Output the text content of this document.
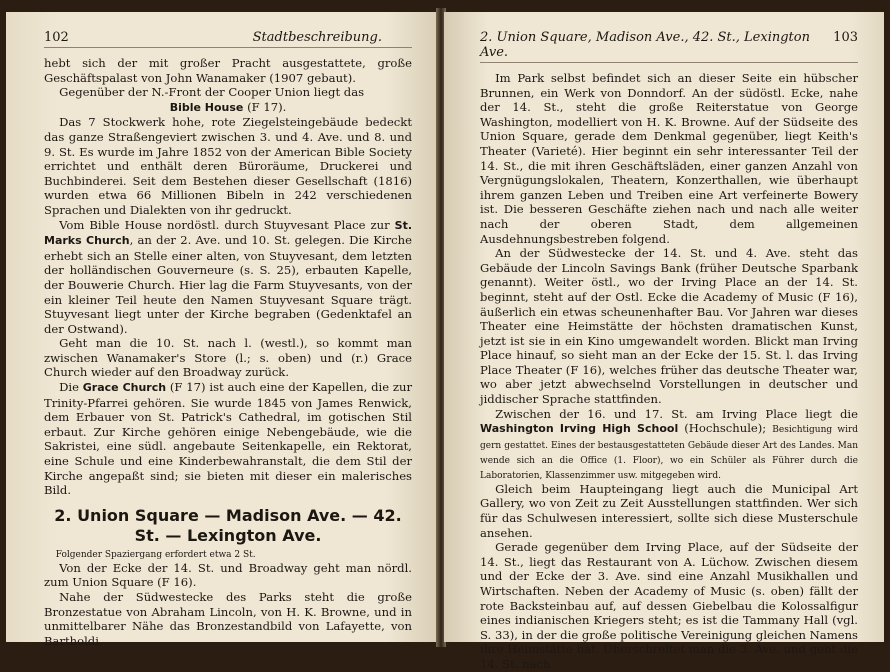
102	Stadtbeschreibung.

hebt sich der mit großer Pracht ausgestattete, große Geschäftspalast von John Wanamaker (1907 gebaut).

Gegenüber der N.-Front der Cooper Union liegt das

Bible House (F 17).

Das 7 Stockwerk hohe, rote Ziegelsteingebäude bedeckt das ganze Straßengeviert zwischen 3. und 4. Ave. und 8. und 9. St. Es wurde im Jahre 1852 von der American Bible Society errichtet und enthält deren Büroräume, Druckerei und Buchbinderei. Seit dem Bestehen dieser Gesellschaft (1816) wurden etwa 66 Millionen Bibeln in 242 verschiedenen Sprachen und Dialekten von ihr gedruckt.

Vom Bible House nordöstl. durch Stuyvesant Place zur St. Marks Church, an der 2. Ave. und 10. St. gelegen. Die Kirche erhebt sich an Stelle einer alten, von Stuyvesant, dem letzten der holländischen Gouverneure (s. S. 25), erbauten Kapelle, der Bouwerie Church. Hier lag die Farm Stuyvesants, von der ein kleiner Teil heute den Namen Stuyvesant Square trägt. Stuyvesant liegt unter der Kirche begraben (Gedenktafel an der Ostwand).

Geht man die 10. St. nach l. (westl.), so kommt man zwischen Wanamaker's Store (l.; s. oben) und (r.) Grace Church wieder auf den Broadway zurück.

Die Grace Church (F 17) ist auch eine der Kapellen, die zur Trinity-Pfarrei gehören. Sie wurde 1845 von James Renwick, dem Erbauer von St. Patrick's Cathedral, im gotischen Stil erbaut. Zur Kirche gehören einige Nebengebäude, wie die Sakristei, eine südl. angebaute Seitenkapelle, ein Rektorat, eine Schule und eine Kinderbewahranstalt, die dem Stil der Kirche angepaßt sind; sie bieten mit dieser ein malerisches Bild.

2. Union Square — Madison Ave. — 42. St. — Lexington Ave.

Folgender Spaziergang erfordert etwa 2 St.

Von der Ecke der 14. St. und Broadway geht man nördl. zum Union Square (F 16).

Nahe der Südwestecke des Parks steht die große Bronzestatue von Abraham Lincoln, von H. K. Browne, und in unmittelbarer Nähe das Bronzestandbild von Lafayette, von Bartholdi.

2. Union Square, Madison Ave., 42. St., Lexington Ave.
103

Im Park selbst befindet sich an dieser Seite ein hübscher Brunnen, ein Werk von Donndorf. An der südöstl. Ecke, nahe der 14. St., steht die große Reiterstatue von George Washington, modelliert von H. K. Browne. Auf der Südseite des Union Square, gerade dem Denkmal gegenüber, liegt Keith's Theater (Varieté). Hier beginnt ein sehr interessanter Teil der 14. St., die mit ihren Geschäftsläden, einer ganzen Anzahl von Vergnügungslokalen, Theatern, Konzerthallen, wie überhaupt ihrem ganzen Leben und Treiben eine Art verfeinerte Bowery ist. Die besseren Geschäfte ziehen nach und nach alle weiter nach der oberen Stadt, dem allgemeinen Ausdehnungsbestreben folgend.

An der Südwestecke der 14. St. und 4. Ave. steht das Gebäude der Lincoln Savings Bank (früher Deutsche Sparbank genannt). Weiter östl., wo der Irving Place an der 14. St. beginnt, steht auf der Ostl. Ecke die Academy of Music (F 16), äußerlich ein etwas scheunenhafter Bau. Vor Jahren war dieses Theater eine Heimstätte der höchsten dramatischen Kunst, jetzt ist sie in ein Kino umgewandelt worden. Blickt man Irving Place hinauf, so sieht man an der Ecke der 15. St. l. das Irving Place Theater (F 16), welches früher das deutsche Theater war, wo aber jetzt abwechselnd Vorstellungen in deutscher und jiddischer Sprache stattfinden.

Zwischen der 16. und 17. St. am Irving Place liegt die Washington Irving High School (Hochschule); Besichtigung wird gern gestattet. Eines der bestausgestatteten Gebäude dieser Art des Landes. Man wende sich an die Office (1. Floor), wo ein Schüler als Führer durch die Laboratorien, Klassenzimmer usw. mitgegeben wird.

Gleich beim Haupteingang liegt auch die Municipal Art Gallery, wo von Zeit zu Zeit Ausstellungen stattfinden. Wer sich für das Schulwesen interessiert, sollte sich diese Musterschule ansehen.

Gerade gegenüber dem Irving Place, auf der Südseite der 14. St., liegt das Restaurant von A. Lüchow. Zwischen diesem und der Ecke der 3. Ave. sind eine Anzahl Musikhallen und Wirtschaften. Neben der Academy of Music (s. oben) fällt der rote Backsteinbau auf, auf dessen Giebelbau die Kolossalfigur eines indianischen Kriegers steht; es ist die Tammany Hall (vgl. S. 33), in der die große politische Vereinigung gleichen Namens ihre Heimstätte hat. Überschreitet man die 3. Ave. und geht die 14. St. nach
